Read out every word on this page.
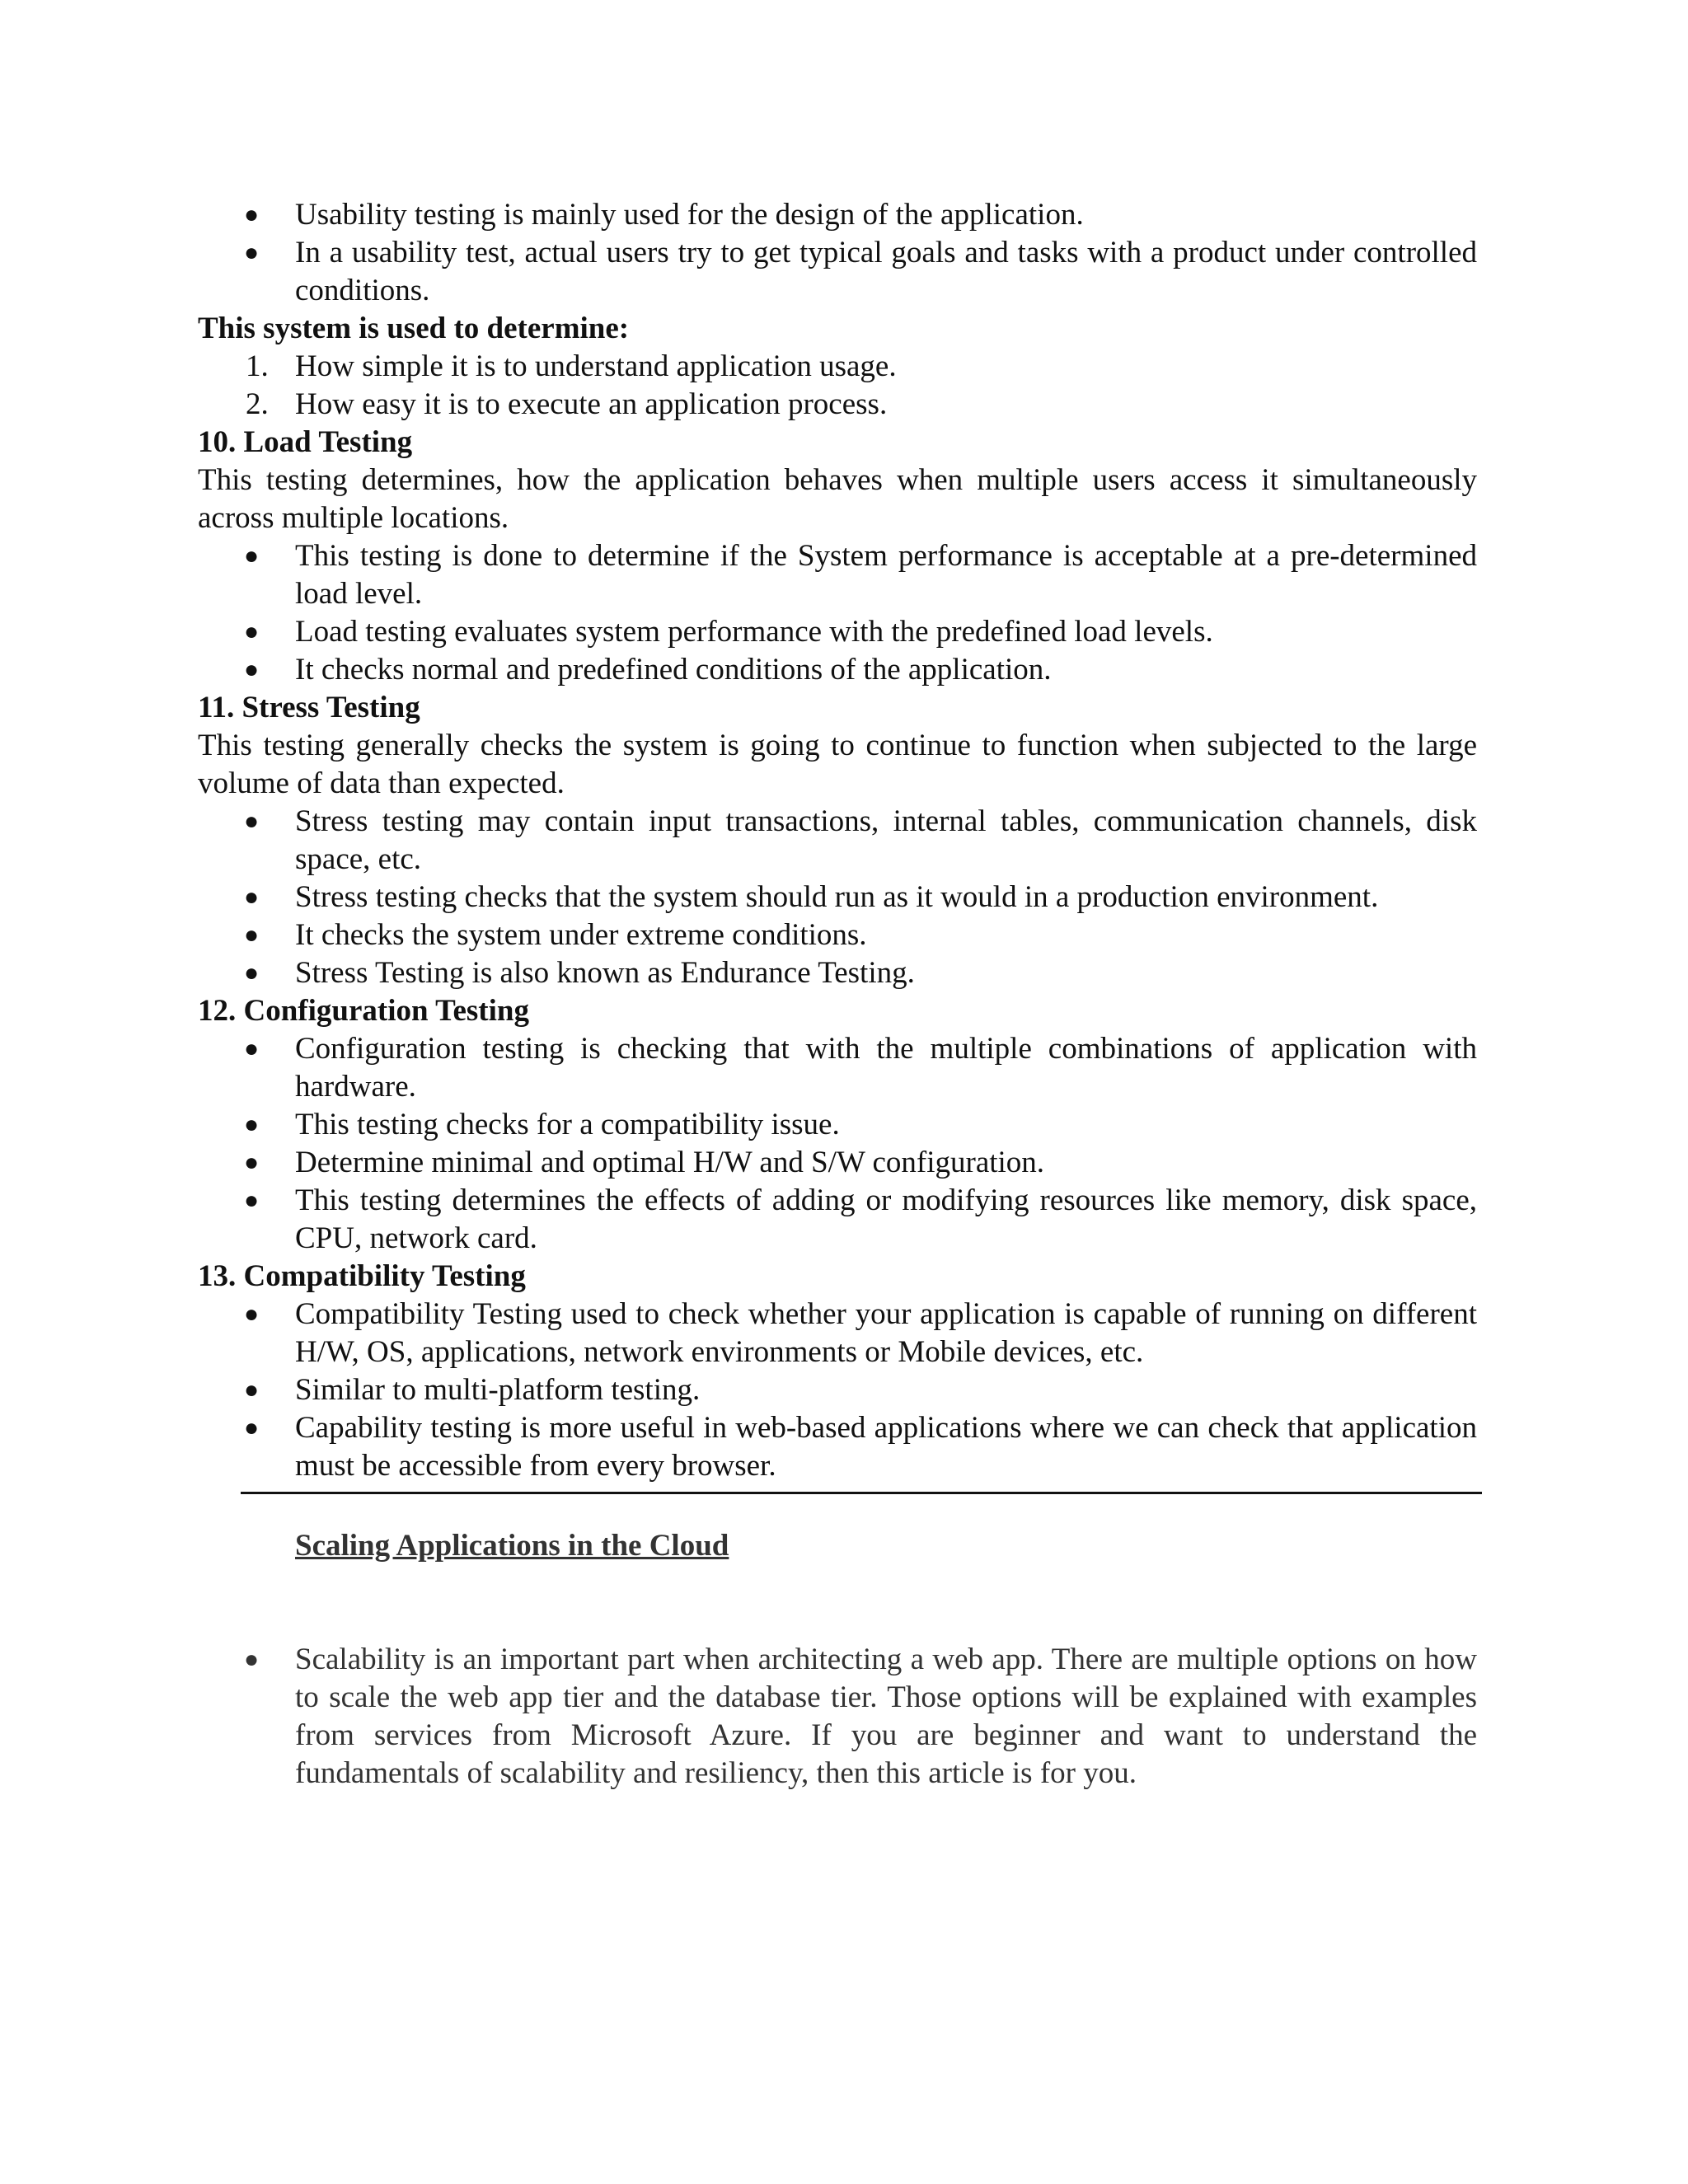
● Usability testing is mainly used for the design of the application.
● In a usability test, actual users try to get typical goals and tasks with a product under controlled conditions.

This system is used to determine:

1. How simple it is to understand application usage.
2. How easy it is to execute an application process.

10. Load Testing

This testing determines, how the application behaves when multiple users access it simultaneously across multiple locations.

● This testing is done to determine if the System performance is acceptable at a pre-determined load level.
● Load testing evaluates system performance with the predefined load levels.
● It checks normal and predefined conditions of the application.

11. Stress Testing

This testing generally checks the system is going to continue to function when subjected to the large volume of data than expected.

● Stress testing may contain input transactions, internal tables, communication channels, disk space, etc.
● Stress testing checks that the system should run as it would in a production environment.
● It checks the system under extreme conditions.
● Stress Testing is also known as Endurance Testing.

12. Configuration Testing

● Configuration testing is checking that with the multiple combinations of application with hardware.
● This testing checks for a compatibility issue.
● Determine minimal and optimal H/W and S/W configuration.
● This testing determines the effects of adding or modifying resources like memory, disk space, CPU, network card.

13. Compatibility Testing

● Compatibility Testing used to check whether your application is capable of running on different H/W, OS, applications, network environments or Mobile devices, etc.
● Similar to multi-platform testing.
● Capability testing is more useful in web-based applications where we can check that application must be accessible from every browser.

Scaling Applications in the Cloud

● Scalability is an important part when architecting a web app. There are multiple options on how to scale the web app tier and the database tier. Those options will be explained with examples from services from Microsoft Azure. If you are beginner and want to understand the fundamentals of scalability and resiliency, then this article is for you.
